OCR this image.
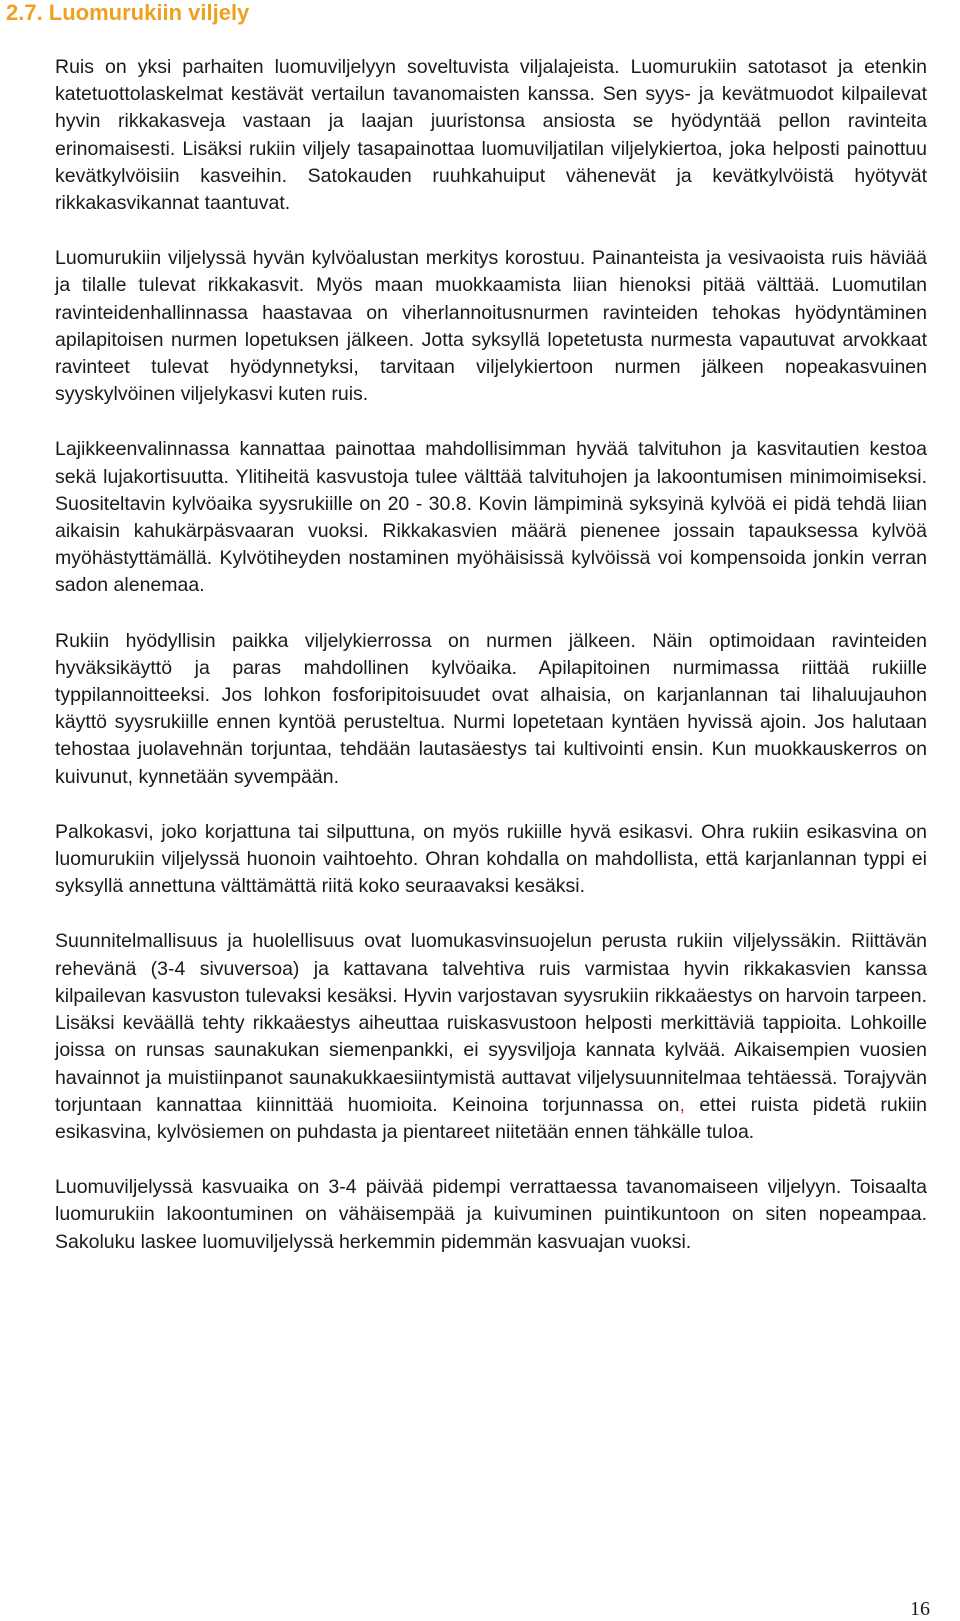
2.7. Luomurukiin viljely

Ruis on yksi parhaiten luomuviljelyyn soveltuvista viljalajeista. Luomurukiin satotasot ja etenkin katetuottolaskelmat kestävät vertailun tavanomaisten kanssa. Sen syys- ja kevätmuodot kilpailevat hyvin rikkakasveja vastaan ja laajan juuristonsa ansiosta se hyödyntää pellon ravinteita erinomaisesti. Lisäksi rukiin viljely tasapainottaa luomuviljatilan viljelykiertoa, joka helposti painottuu kevätkylvöisiin kasveihin. Satokauden ruuhkahuiput vähenevät ja kevätkylvöistä hyötyvät rikkakasvikannat taantuvat.

Luomurukiin viljelyssä hyvän kylvöalustan merkitys korostuu. Painanteista ja vesivaoista ruis häviää ja tilalle tulevat rikkakasvit. Myös maan muokkaamista liian hienoksi pitää välttää. Luomutilan ravinteidenhallinnassa haastavaa on viherlannoitusnurmen ravinteiden tehokas hyödyntäminen apilapitoisen nurmen lopetuksen jälkeen. Jotta syksyllä lopetetusta nurmesta vapautuvat arvokkaat ravinteet tulevat hyödynnetyksi, tarvitaan viljelykiertoon nurmen jälkeen nopeakasvuinen syyskylvöinen viljelykasvi kuten ruis.

Lajikkeenvalinnassa kannattaa painottaa mahdollisimman hyvää talvituhon ja kasvitautien kestoa sekä lujakortisuutta. Ylitiheitä kasvustoja tulee välttää talvituhojen ja lakoontumisen minimoimiseksi. Suositeltavin kylvöaika syysrukiille on 20 - 30.8. Kovin lämpiminä syksyinä kylvöä ei pidä tehdä liian aikaisin kahukärpäsvaaran vuoksi. Rikkakasvien määrä pienenee jossain tapauksessa kylvöä myöhästyttämällä. Kylvötiheyden nostaminen myöhäisissä kylvöissä voi kompensoida jonkin verran sadon alenemaa.

Rukiin hyödyllisin paikka viljelykierrossa on nurmen jälkeen. Näin optimoidaan ravinteiden hyväksikäyttö ja paras mahdollinen kylvöaika. Apilapitoinen nurmimassa riittää rukiille typpilannoitteeksi. Jos lohkon fosforipitoisuudet ovat alhaisia, on karjanlannan tai lihaluujauhon käyttö syysrukiille ennen kyntöä perusteltua. Nurmi lopetetaan kyntäen hyvissä ajoin. Jos halutaan tehostaa juolavehnän torjuntaa, tehdään lautasäestys tai kultivointi ensin. Kun muokkauskerros on kuivunut, kynnetään syvempään.

Palkokasvi, joko korjattuna tai silputtuna, on myös rukiille hyvä esikasvi. Ohra rukiin esikasvina on luomurukiin viljelyssä huonoin vaihtoehto. Ohran kohdalla on mahdollista, että karjanlannan typpi ei syksyllä annettuna välttämättä riitä koko seuraavaksi kesäksi.

Suunnitelmallisuus ja huolellisuus ovat luomukasvinsuojelun perusta rukiin viljelyssäkin. Riittävän rehevänä (3-4 sivuversoa) ja kattavana talvehtiva ruis varmistaa hyvin rikkakasvien kanssa kilpailevan kasvuston tulevaksi kesäksi. Hyvin varjostavan syysrukiin rikkaäestys on harvoin tarpeen. Lisäksi keväällä tehty rikkaäestys aiheuttaa ruiskasvustoon helposti merkittäviä tappioita. Lohkoille joissa on runsas saunakukan siemenpankki, ei syysviljoja kannata kylvää. Aikaisempien vuosien havainnot ja muistiinpanot saunakukkaesiintymistä auttavat viljelysuunnitelmaa tehtäessä. Torajyvän torjuntaan kannattaa kiinnittää huomioita. Keinoina torjunnassa on, ettei ruista pidetä rukiin esikasvina, kylvösiemen on puhdasta ja pientareet niitetään ennen tähkälle tuloa.

Luomuviljelyssä kasvuaika on 3-4 päivää pidempi verrattaessa tavanomaiseen viljelyyn. Toisaalta luomurukiin lakoontuminen on vähäisempää ja kuivuminen puintikuntoon on siten nopeampaa. Sakoluku laskee luomuviljelyssä herkemmin pidemmän kasvuajan vuoksi.

16
